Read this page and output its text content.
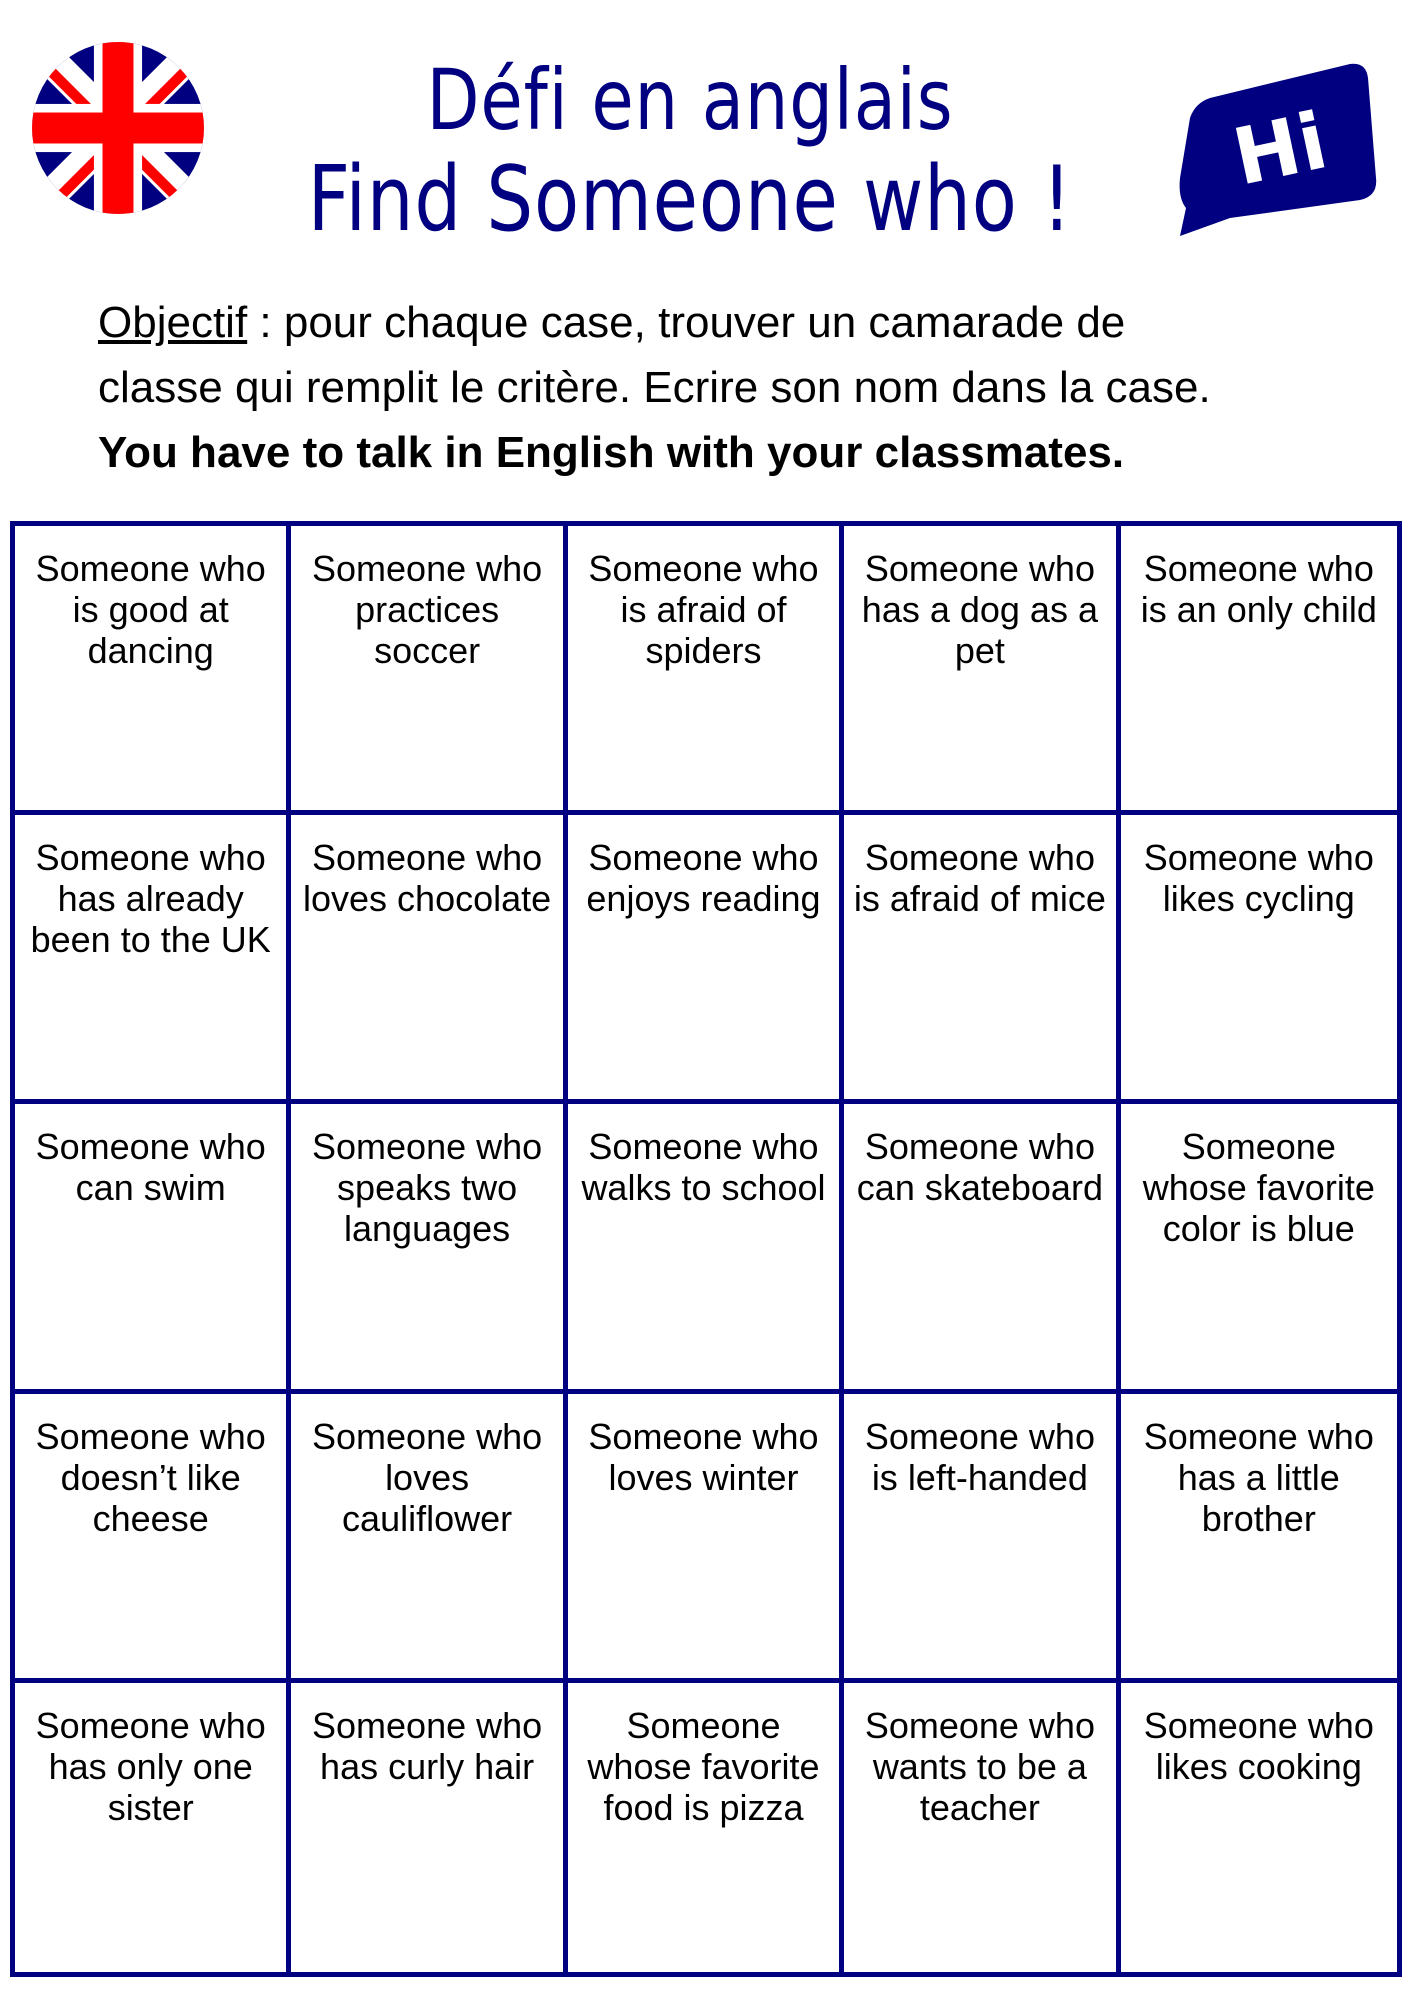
Défi en anglais
Find Someone who !	Hi
Objectif : pour chaque case, trouver un camarade de
classe qui remplit le critère. Ecrire son nom dans la case.
You have to talk in English with your classmates.
Someone who is good at dancing
Someone who practices soccer
Someone who is afraid of spiders
Someone who has a dog as a pet
Someone who is an only child
Someone who has already been to the UK
Someone who loves chocolate
Someone who enjoys reading
Someone who is afraid of mice
Someone who likes cycling
Someone who can swim
Someone who speaks two languages
Someone who walks to school
Someone who can skateboard
Someone whose favorite color is blue
Someone who doesn’t like cheese
Someone who loves cauliflower
Someone who loves winter
Someone who is left-handed
Someone who has a little brother
Someone who has only one sister
Someone who has curly hair
Someone whose favorite food is pizza
Someone who wants to be a teacher
Someone who likes cooking
